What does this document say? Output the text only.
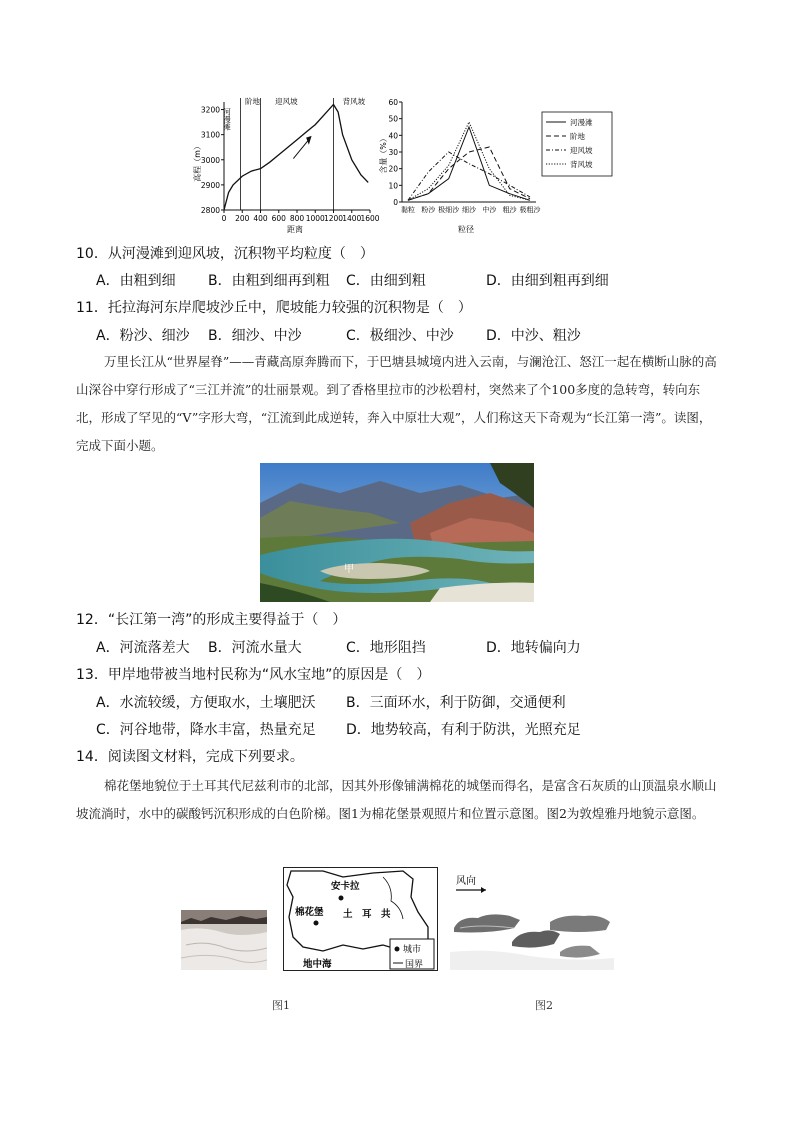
高程（m）
距离
2800
2900
3000
3100
3200
0 200 400 600 800 1000 1200 1400 1600
河漫滩
阶地 迎风坡	背风坡
含量（%）
粒径
0
10
20
30
40
50
60
黏粒 粉沙 极细沙 细沙 中沙 粗沙 极粗沙
河漫滩
阶地
迎风坡
背风坡
10．从河漫滩到迎风坡，沉积物平均粒度（　）
A．由粗到细 B．由粗到细再到粗 C．由细到粗	D．由细到粗再到细
11．托拉海河东岸爬坡沙丘中，爬坡能力较强的沉积物是（　）
A．粉沙、细沙 B．细沙、中沙	C．极细沙、中沙 D．中沙、粗沙
万里长江从“世界屋脊”——青藏高原奔腾而下，于巴塘县城境内进入云南，与澜沧江、怒江一起在横断山脉的高山深谷中穿行形成了“三江并流”的壮丽景观。到了香格里拉市的沙松碧村，突然来了个100多度的急转弯，转向东北，形成了罕见的“V”字形大弯，“江流到此成逆转，奔入中原壮大观”，人们称这天下奇观为“长江第一湾”。读图，完成下面小题。
甲
12．“长江第一湾”的形成主要得益于（　）
A．河流落差大 B．河流水量大	C．地形阻挡	D．地转偏向力
13．甲岸地带被当地村民称为“风水宝地”的原因是（　）
A．水流较缓，方便取水，土壤肥沃 B．三面环水，利于防御，交通便利
C．河谷地带，降水丰富，热量充足 D．地势较高，有利于防洪，光照充足
14．阅读图文材料，完成下列要求。
棉花堡地貌位于土耳其代尼兹利市的北部，因其外形像铺满棉花的城堡而得名，是富含石灰质的山顶温泉水顺山坡流淌时，水中的碳酸钙沉积形成的白色阶梯。图1为棉花堡景观照片和位置示意图。图2为敦煌雅丹地貌示意图。
安卡拉
棉花堡 土　耳　共
地中海
城市
国界
风向
图1	图2
